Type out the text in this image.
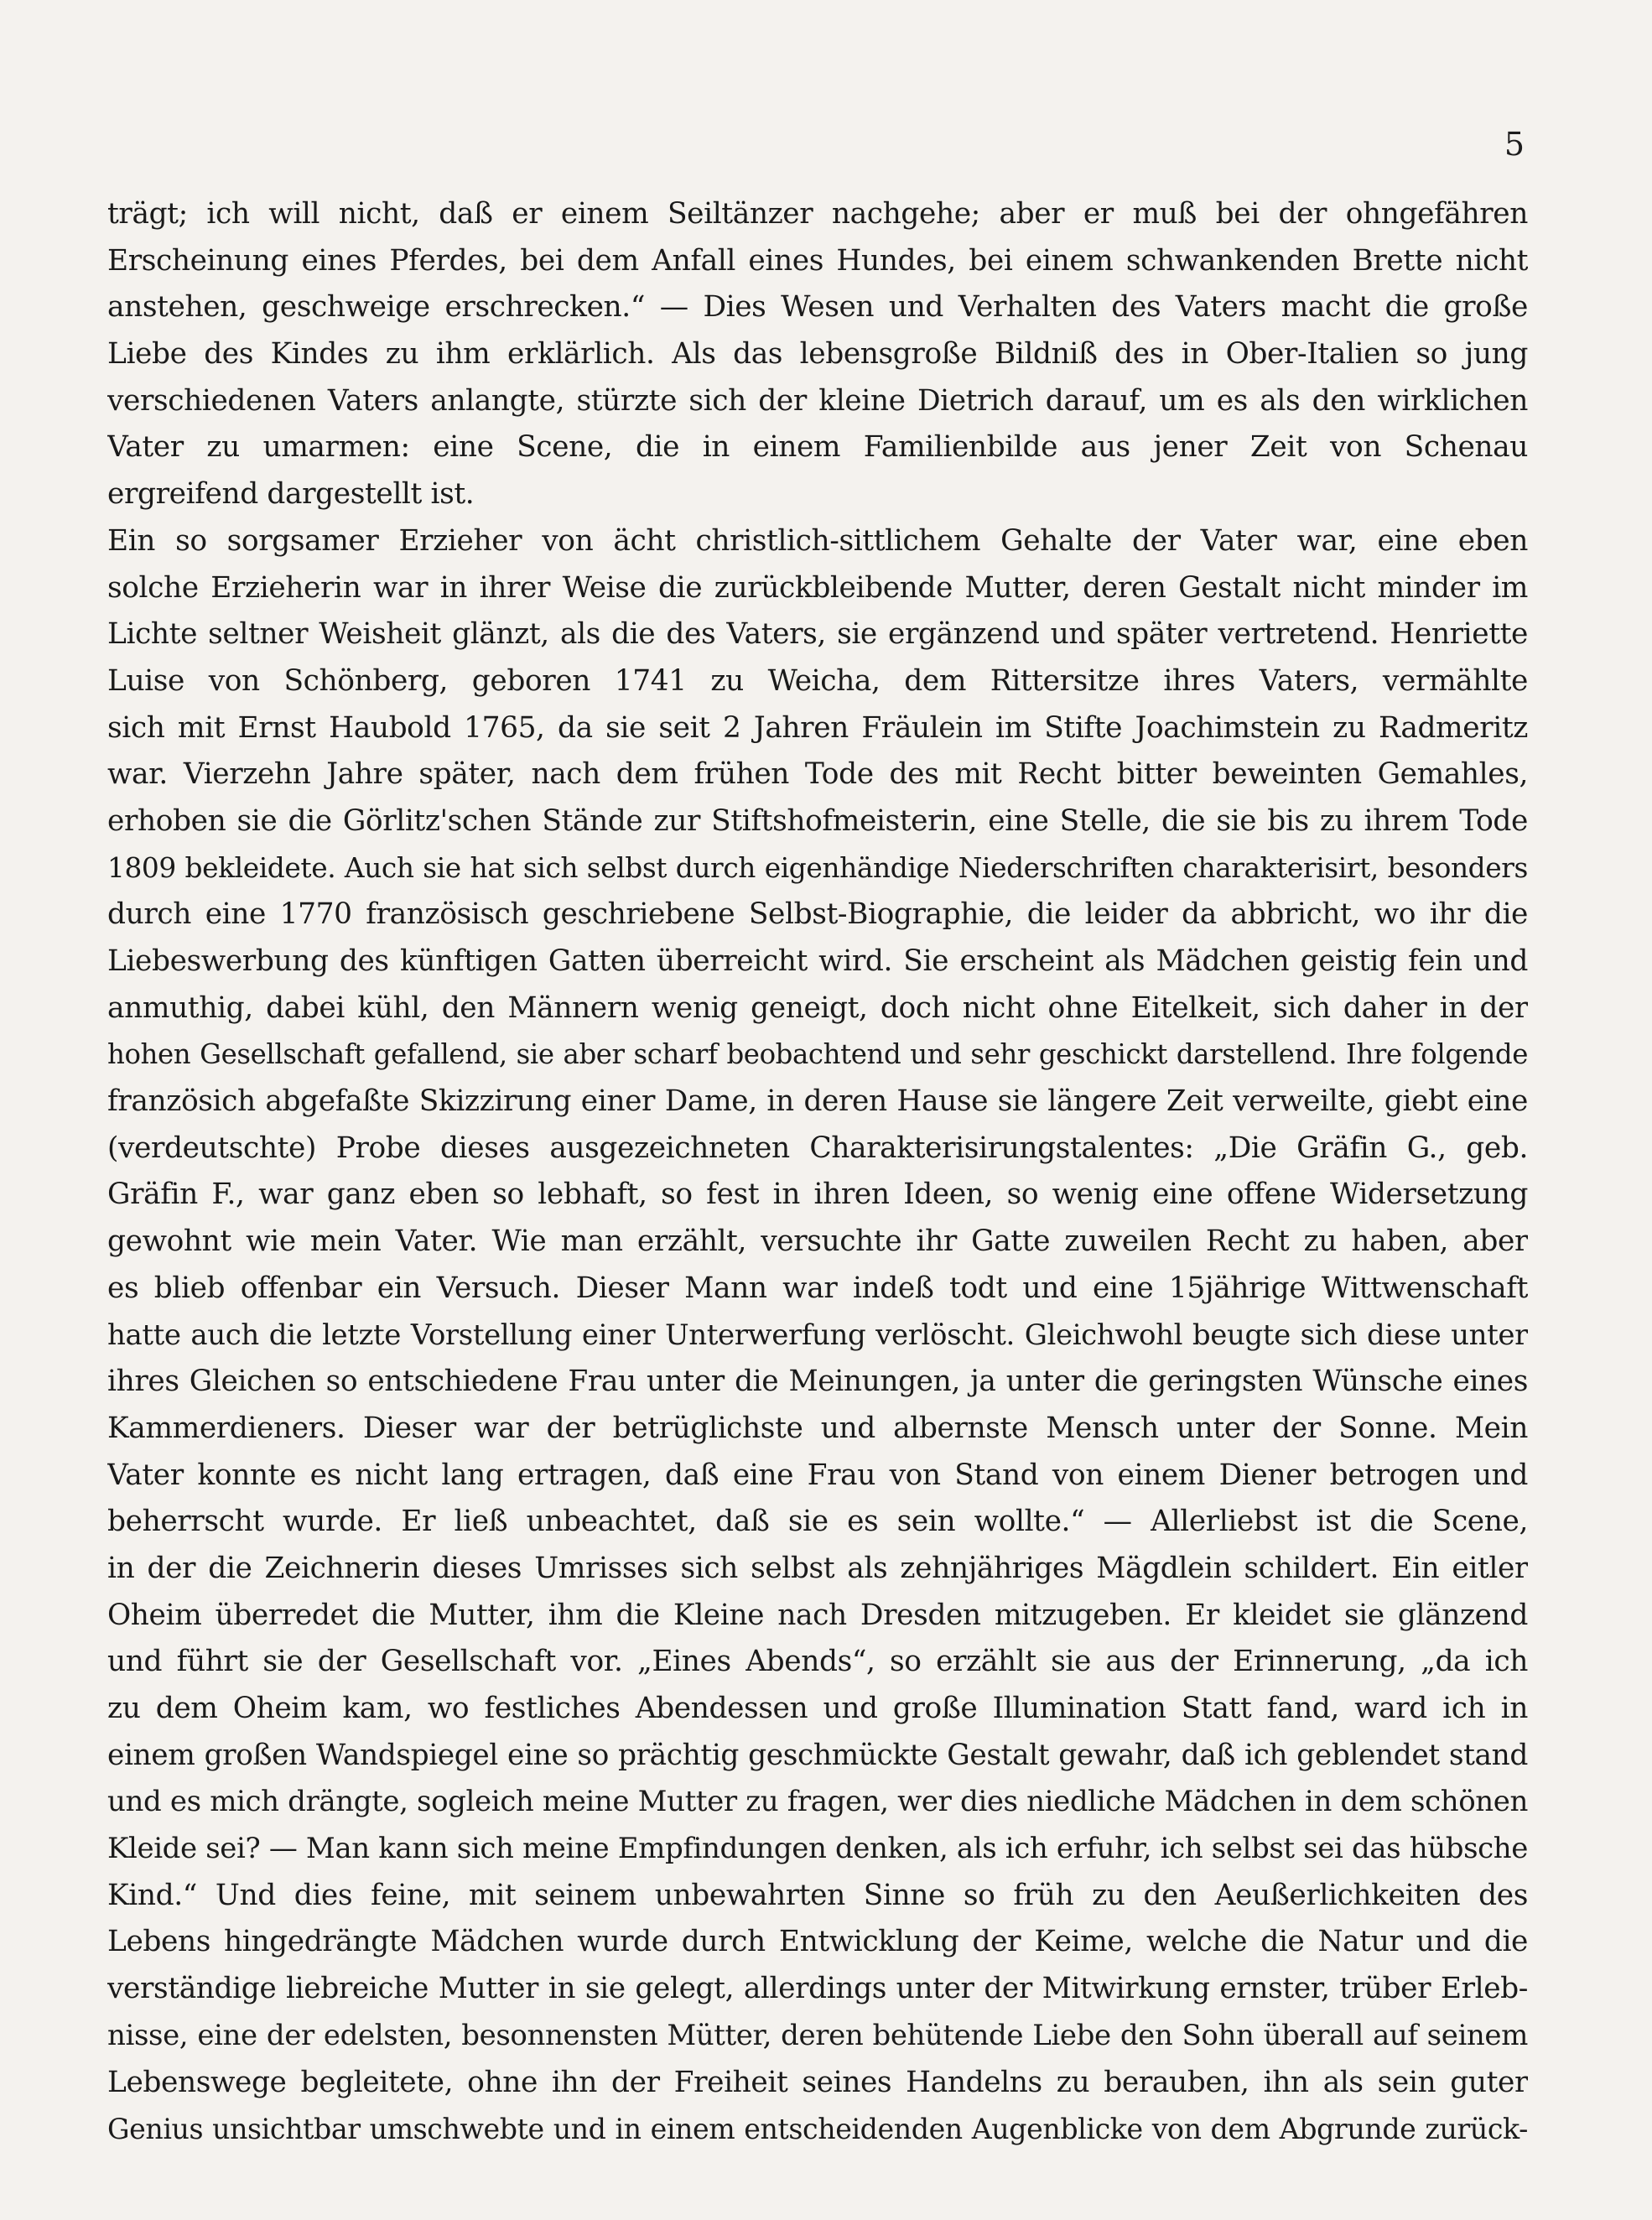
5
trägt; ich will nicht, daß er einem Seiltänzer nachgehe; aber er muß bei der ohngefähren
Erscheinung eines Pferdes, bei dem Anfall eines Hundes, bei einem schwankenden Brette nicht
anstehen, geschweige erschrecken.“ — Dies Wesen und Verhalten des Vaters macht die große
Liebe des Kindes zu ihm erklärlich. Als das lebensgroße Bildniß des in Ober-Italien so jung
verschiedenen Vaters anlangte, stürzte sich der kleine Dietrich darauf, um es als den wirklichen
Vater zu umarmen: eine Scene, die in einem Familienbilde aus jener Zeit von Schenau
ergreifend dargestellt ist.
Ein so sorgsamer Erzieher von ächt christlich-sittlichem Gehalte der Vater war, eine eben
solche Erzieherin war in ihrer Weise die zurückbleibende Mutter, deren Gestalt nicht minder im
Lichte seltner Weisheit glänzt, als die des Vaters, sie ergänzend und später vertretend. Henriette
Luise von Schönberg, geboren 1741 zu Weicha, dem Rittersitze ihres Vaters, vermählte
sich mit Ernst Haubold 1765, da sie seit 2 Jahren Fräulein im Stifte Joachimstein zu Radmeritz
war. Vierzehn Jahre später, nach dem frühen Tode des mit Recht bitter beweinten Gemahles,
erhoben sie die Görlitz'schen Stände zur Stiftshofmeisterin, eine Stelle, die sie bis zu ihrem Tode
1809 bekleidete. Auch sie hat sich selbst durch eigenhändige Niederschriften charakterisirt, besonders
durch eine 1770 französisch geschriebene Selbst-Biographie, die leider da abbricht, wo ihr die
Liebeswerbung des künftigen Gatten überreicht wird. Sie erscheint als Mädchen geistig fein und
anmuthig, dabei kühl, den Männern wenig geneigt, doch nicht ohne Eitelkeit, sich daher in der
hohen Gesellschaft gefallend, sie aber scharf beobachtend und sehr geschickt darstellend. Ihre folgende
französich abgefaßte Skizzirung einer Dame, in deren Hause sie längere Zeit verweilte, giebt eine
(verdeutschte) Probe dieses ausgezeichneten Charakterisirungstalentes: „Die Gräfin G., geb.
Gräfin F., war ganz eben so lebhaft, so fest in ihren Ideen, so wenig eine offene Widersetzung
gewohnt wie mein Vater. Wie man erzählt, versuchte ihr Gatte zuweilen Recht zu haben, aber
es blieb offenbar ein Versuch. Dieser Mann war indeß todt und eine 15jährige Wittwenschaft
hatte auch die letzte Vorstellung einer Unterwerfung verlöscht. Gleichwohl beugte sich diese unter
ihres Gleichen so entschiedene Frau unter die Meinungen, ja unter die geringsten Wünsche eines
Kammerdieners. Dieser war der betrüglichste und albernste Mensch unter der Sonne. Mein
Vater konnte es nicht lang ertragen, daß eine Frau von Stand von einem Diener betrogen und
beherrscht wurde. Er ließ unbeachtet, daß sie es sein wollte.“ — Allerliebst ist die Scene,
in der die Zeichnerin dieses Umrisses sich selbst als zehnjähriges Mägdlein schildert. Ein eitler
Oheim überredet die Mutter, ihm die Kleine nach Dresden mitzugeben. Er kleidet sie glänzend
und führt sie der Gesellschaft vor. „Eines Abends“, so erzählt sie aus der Erinnerung, „da ich
zu dem Oheim kam, wo festliches Abendessen und große Illumination Statt fand, ward ich in
einem großen Wandspiegel eine so prächtig geschmückte Gestalt gewahr, daß ich geblendet stand
und es mich drängte, sogleich meine Mutter zu fragen, wer dies niedliche Mädchen in dem schönen
Kleide sei? — Man kann sich meine Empfindungen denken, als ich erfuhr, ich selbst sei das hübsche
Kind.“ Und dies feine, mit seinem unbewahrten Sinne so früh zu den Aeußerlichkeiten des
Lebens hingedrängte Mädchen wurde durch Entwicklung der Keime, welche die Natur und die
verständige liebreiche Mutter in sie gelegt, allerdings unter der Mitwirkung ernster, trüber Erleb-
nisse, eine der edelsten, besonnensten Mütter, deren behütende Liebe den Sohn überall auf seinem
Lebenswege begleitete, ohne ihn der Freiheit seines Handelns zu berauben, ihn als sein guter
Genius unsichtbar umschwebte und in einem entscheidenden Augenblicke von dem Abgrunde zurück-
